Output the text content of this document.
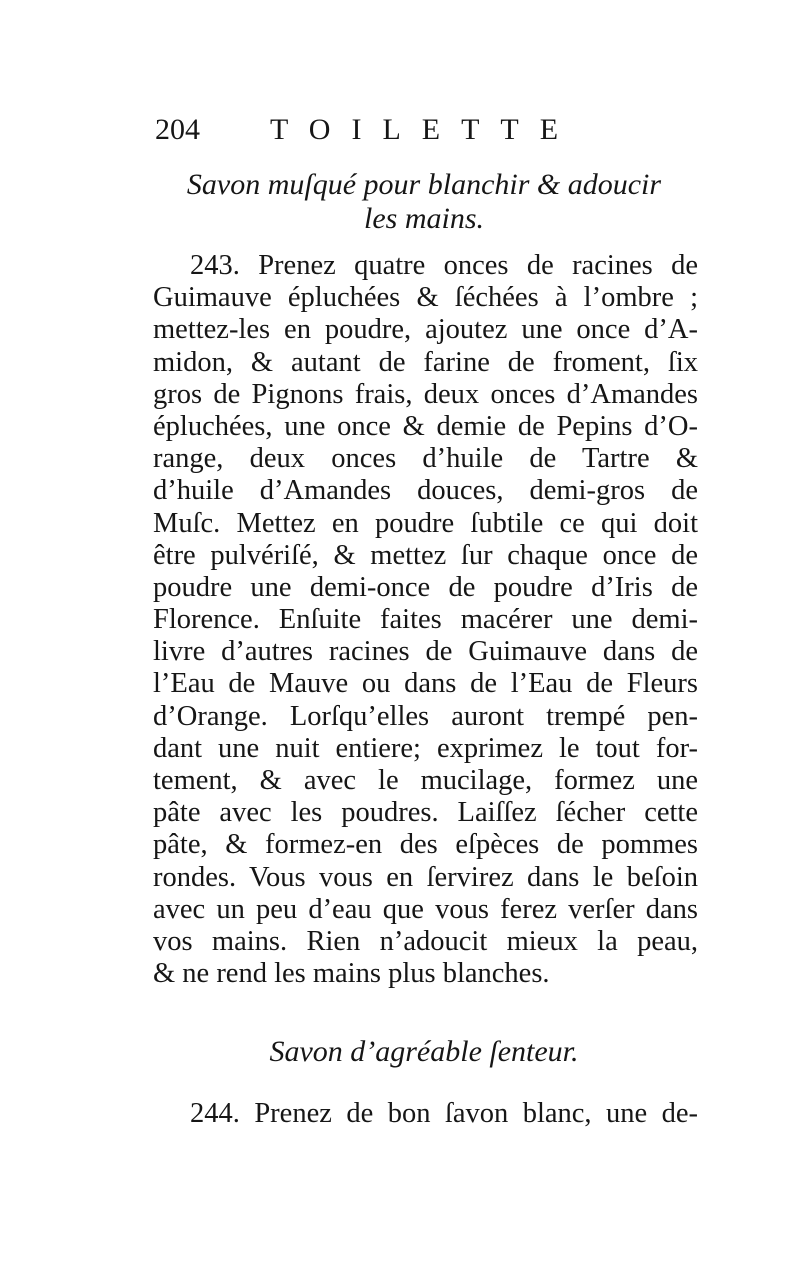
204 TOILETTE
Savon muſqué pour blanchir & adoucir
les mains.
243. Prenez quatre onces de racines de
Guimauve épluchées & ſéchées à l’ombre ;
mettez-les en poudre, ajoutez une once d’A-
midon, & autant de farine de froment, ſix
gros de Pignons frais, deux onces d’Amandes
épluchées, une once & demie de Pepins d’O-
range, deux onces d’huile de Tartre &
d’huile d’Amandes douces, demi-gros de
Muſc. Mettez en poudre ſubtile ce qui doit
être pulvériſé, & mettez ſur chaque once de
poudre une demi-once de poudre d’Iris de
Florence. Enſuite faites macérer une demi-
livre d’autres racines de Guimauve dans de
l’Eau de Mauve ou dans de l’Eau de Fleurs
d’Orange. Lorſqu’elles auront trempé pen-
dant une nuit entiere; exprimez le tout for-
tement, & avec le mucilage, formez une
pâte avec les poudres. Laiſſez ſécher cette
pâte, & formez-en des eſpèces de pommes
rondes. Vous vous en ſervirez dans le beſoin
avec un peu d’eau que vous ferez verſer dans
vos mains. Rien n’adoucit mieux la peau,
& ne rend les mains plus blanches.
Savon d’agréable ſenteur.
244. Prenez de bon ſavon blanc, une de-
